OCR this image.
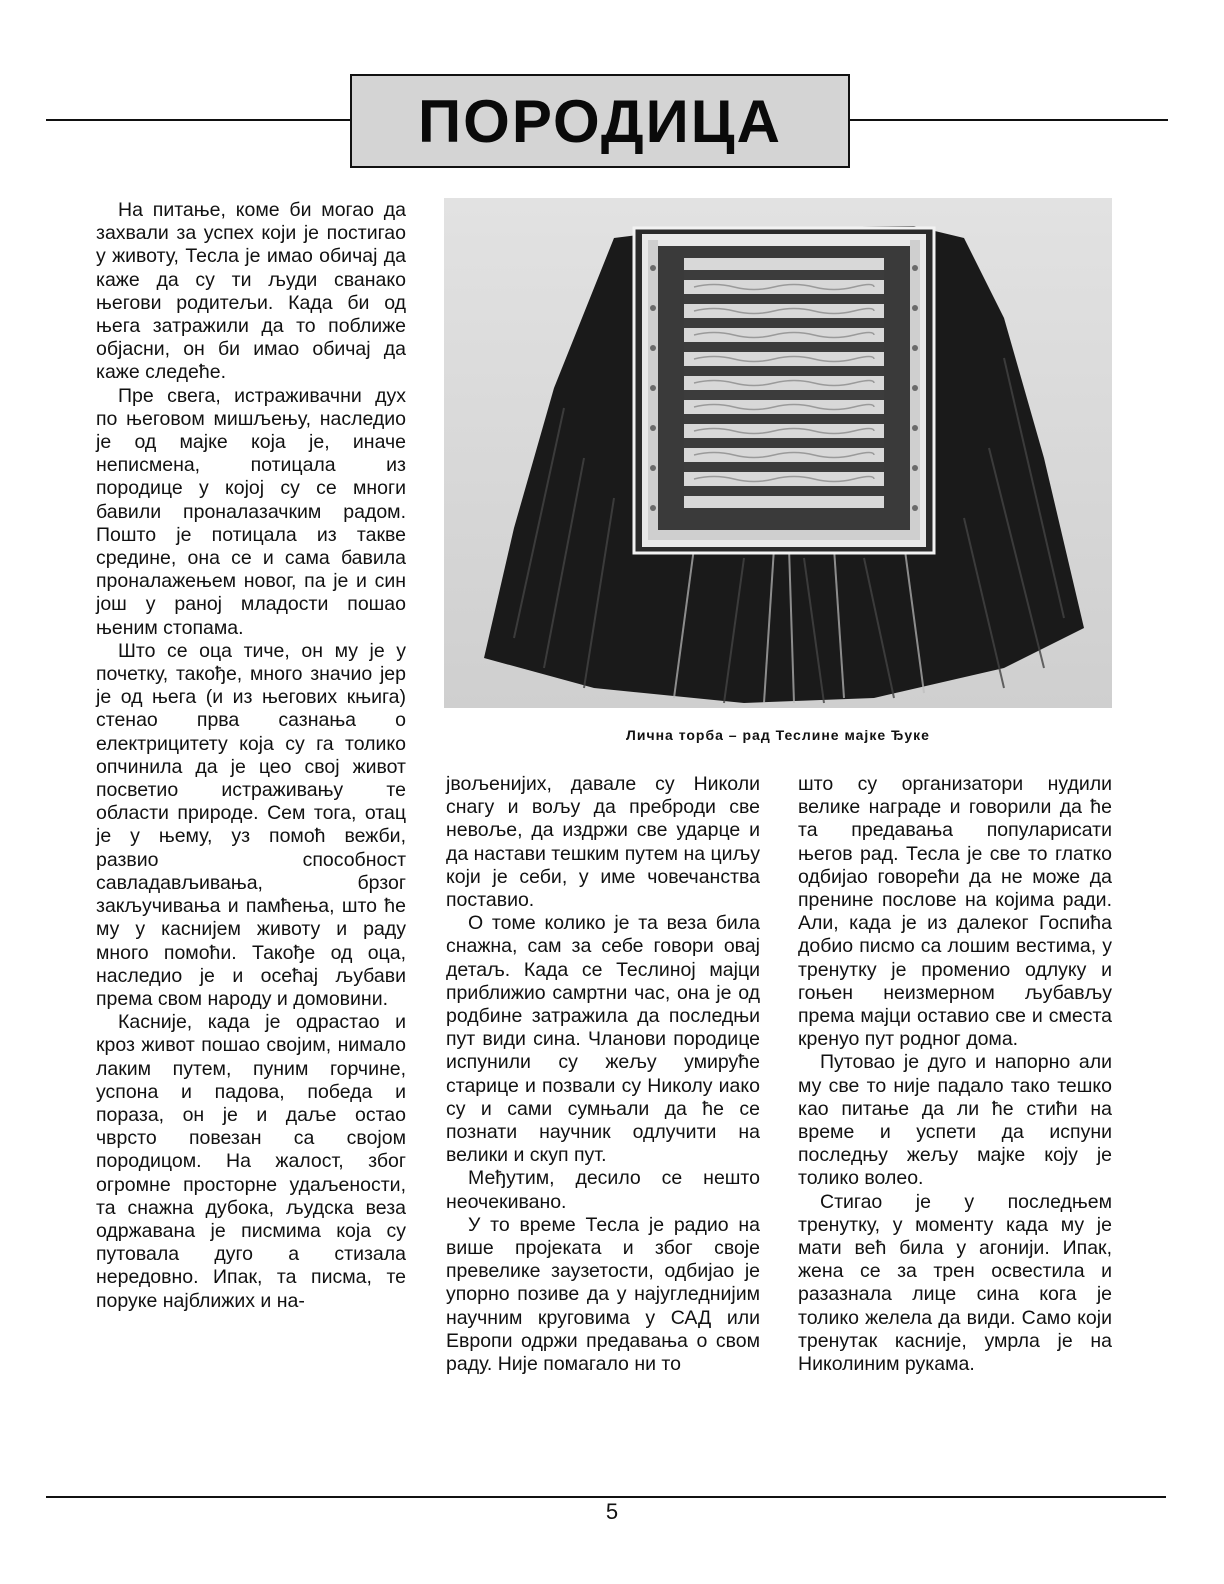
ПОРОДИЦА

На питање, коме би могао да захвали за успех који је постигао у животу, Тесла је имао обичај да каже да су ти људи сванако његови родитељи. Када би од њега затражили да то поближе објасни, он би имао обичај да каже следеће.

Пре свега, истраживачни дух по његовом мишљењу, наследио је од мајке која је, иначе неписмена, потицала из породице у којој су се многи бавили проналазачким радом. Пошто је потицала из такве средине, она се и сама бавила проналажењем новог, па је и син још у раној младости пошао њеним стопама.

Што се оца тиче, он му је у почетку, такође, много значио јер је од њега (и из његових књига) стенао прва сазнања о електрицитету која су га толико опчинила да је цео свој живот посветио истраживању те области природе. Сем тога, отац је у њему, уз помоћ вежби, развио способност савладављивања, брзог закључивања и памћења, што ће му у каснијем животу и раду много помоћи. Такође од оца, наследио је и осећај љубави према свом народу и домовини.

Касније, када је одрастао и кроз живот пошао својим, нимало лаким путем, пуним горчине, успона и падова, победа и пораза, он је и даље остао чврсто повезан са својом породицом. На жалост, због огромне просторне удаљености, та снажна дубока, људска веза одржавана је писмима која су путовала дуго а стизала нередовно. Ипак, та писма, те поруке најближих и на-

Лична торба – рад Теслине мајке Ђуке

јвољенијих, давале су Николи снагу и вољу да преброди све невоље, да издржи све ударце и да настави тешким путем на циљу који је себи, у име човечанства поставио.

О томе колико је та веза била снажна, сам за себе говори овај детаљ. Када се Теслиној мајци приближио самртни час, она је од родбине затражила да последњи пут види сина. Чланови породице испунили су жељу умируће старице и позвали су Николу иако су и сами сумњали да ће се познати научник одлучити на велики и скуп пут.

Међутим, десило се нешто неочекивано.

У то време Тесла је радио на више пројеката и због своје превелике заузетости, одбијао је упорно позиве да у најугледнијим научним круговима у САД или Европи одржи предавања о свом раду. Није помагало ни то

што су организатори нудили велике награде и говорили да ће та предавања популарисати његов рад. Тесла је све то глатко одбијао говорећи да не може да пренине послове на којима ради. Али, када је из далеког Госпића добио писмо са лошим вестима, у тренутку је променио одлуку и гоњен неизмерном љубављу према мајци оставио све и сместа кренуо пут родног дома.

Путовао је дуго и напорно али му све то није падало тако тешко као питање да ли ће стићи на време и успети да испуни последњу жељу мајке коју је толико волео.

Стигао је у последњем тренутку, у моменту када му је мати већ била у агонији. Ипак, жена се за трен освестила и разазнала лице сина кога је толико желела да види. Само који тренутак касније, умрла је на Николиним рукама.

5
